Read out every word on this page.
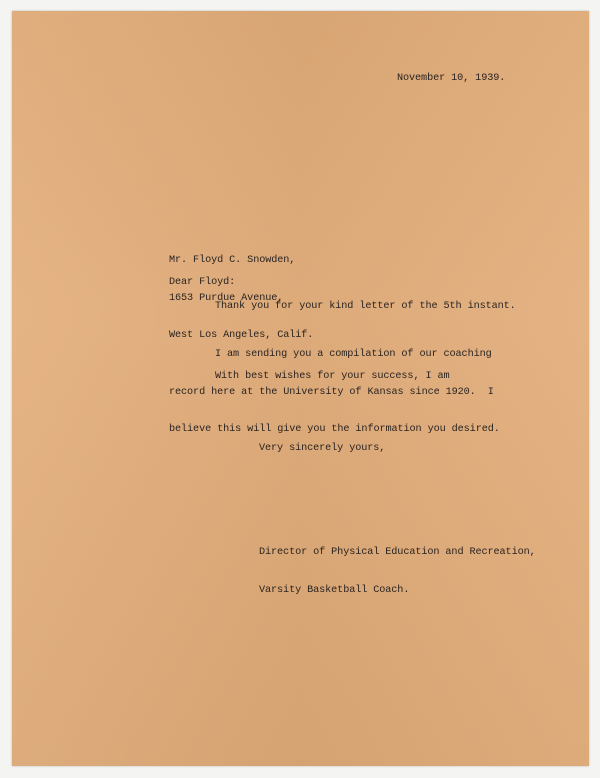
November 10, 1939.

Mr. Floyd C. Snowden,

1653 Purdue Avenue,

West Los Angeles, Calif.

Dear Floyd:
Thank you for your kind letter of the 5th instant.

I am sending you a compilation of our coaching

record here at the University of Kansas since 1920.  I

believe this will give you the information you desired.

With best wishes for your success, I am
Very sincerely yours,

Director of Physical Education and Recreation,

Varsity Basketball Coach.
